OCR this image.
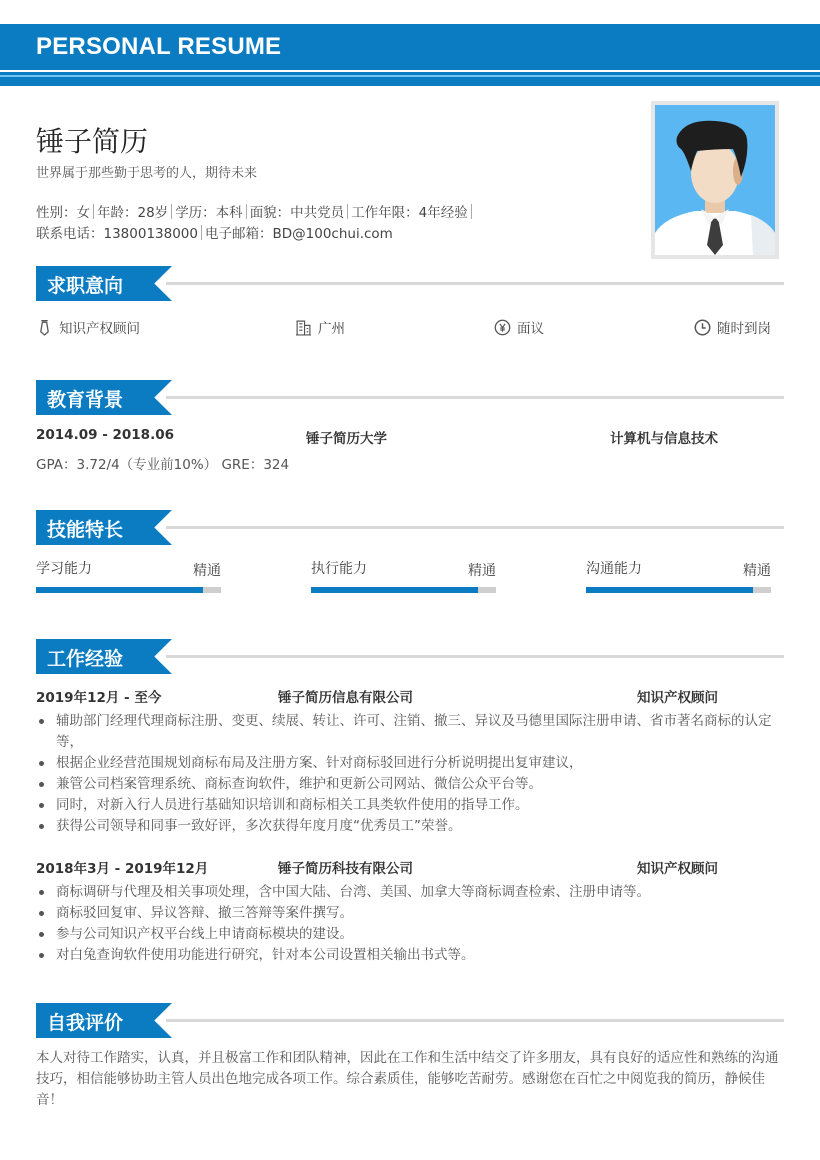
PERSONAL RESUME
锤子简历
世界属于那些勤于思考的人，期待未来
性别：女 年龄：28岁 学历：本科 面貌：中共党员 工作年限：4年经验
联系电话：13800138000 电子邮箱：BD@100chui.com
求职意向
知识产权顾问	广州	面议	随时到岗
教育背景
2014.09 - 2018.06	锤子简历大学	计算机与信息技术
GPA：3.72/4（专业前10%） GRE：324
技能特长
学习能力	精通	执行能力	精通	沟通能力	精通
工作经验
2019年12月 - 至今	锤子简历信息有限公司	知识产权顾问
辅助部门经理代理商标注册、变更、续展、转让、许可、注销、撤三、异议及马德里国际注册申请、省市著名商标的认定等，
根据企业经营范围规划商标布局及注册方案、针对商标驳回进行分析说明提出复审建议，
兼管公司档案管理系统、商标查询软件，维护和更新公司网站、微信公众平台等。
同时，对新入行人员进行基础知识培训和商标相关工具类软件使用的指导工作。
获得公司领导和同事一致好评，多次获得年度月度“优秀员工”荣誉。
2018年3月 - 2019年12月	锤子简历科技有限公司	知识产权顾问
商标调研与代理及相关事项处理，含中国大陆、台湾、美国、加拿大等商标调查检索、注册申请等。
商标驳回复审、异议答辩、撤三答辩等案件撰写。
参与公司知识产权平台线上申请商标模块的建设。
对白兔查询软件使用功能进行研究，针对本公司设置相关输出书式等。
自我评价
本人对待工作踏实，认真，并且极富工作和团队精神，因此在工作和生活中结交了许多朋友，具有良好的适应性和熟练的沟通技巧，相信能够协助主管人员出色地完成各项工作。综合素质佳，能够吃苦耐劳。感谢您在百忙之中阅览我的简历，静候佳音！
